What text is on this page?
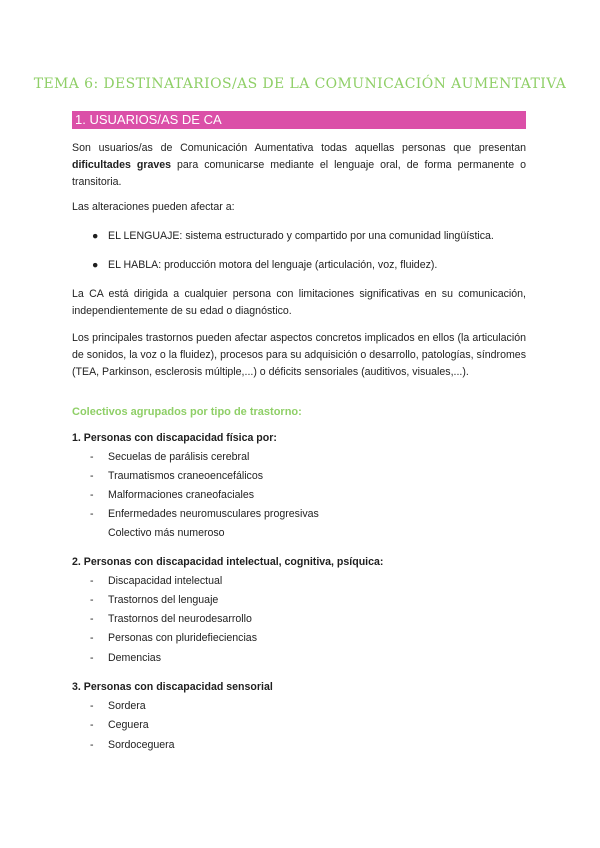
TEMA 6: DESTINATARIOS/AS DE LA COMUNICACIÓN AUMENTATIVA
1. USUARIOS/AS DE CA

Son usuarios/as de Comunicación Aumentativa todas aquellas personas que presentan dificultades graves para comunicarse mediante el lenguaje oral, de forma permanente o transitoria.

Las alteraciones pueden afectar a:

● EL LENGUAJE: sistema estructurado y compartido por una comunidad lingüística.
● EL HABLA: producción motora del lenguaje (articulación, voz, fluidez).

La CA está dirigida a cualquier persona con limitaciones significativas en su comunicación, independientemente de su edad o diagnóstico.

Los principales trastornos pueden afectar aspectos concretos implicados en ellos (la articulación de sonidos, la voz o la fluidez), procesos para su adquisición o desarrollo, patologías, síndromes (TEA, Parkinson, esclerosis múltiple,...) o déficits sensoriales (auditivos, visuales,...).

Colectivos agrupados por tipo de trastorno:
1. Personas con discapacidad física por:
- Secuelas de parálisis cerebral
- Traumatismos craneoencefálicos
- Malformaciones craneofaciales
- Enfermedades neuromusculares progresivas
Colectivo más numeroso
2. Personas con discapacidad intelectual, cognitiva, psíquica:
- Discapacidad intelectual
- Trastornos del lenguaje
- Trastornos del neurodesarrollo
- Personas con pluridefieciencias
- Demencias
3. Personas con discapacidad sensorial
- Sordera
- Ceguera
- Sordoceguera
